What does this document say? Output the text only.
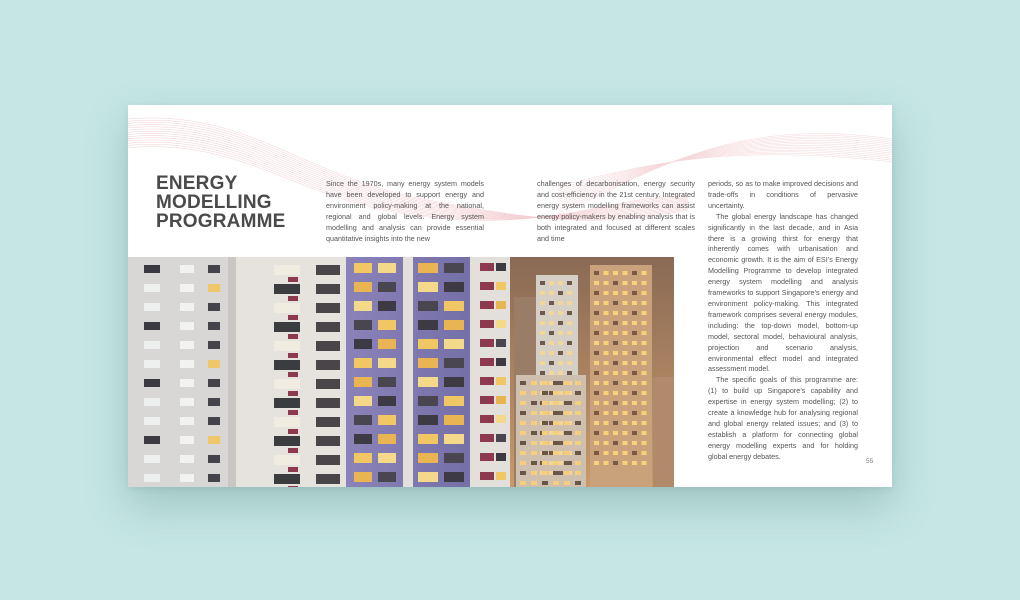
ENERGY
MODELLING
PROGRAMME

Since the 1970s, many energy system models have been developed to support energy and environment policy-making at the national, regional and global levels. Energy system modelling and analysis can provide essential quantitative insights into the new

challenges of decarbonisation, energy security and cost-efficiency in the 21st century. Integrated energy system modelling frameworks can assist energy policy-makers by enabling analysis that is both integrated and focused at different scales and time

periods, so as to make improved decisions and trade-offs in conditions of pervasive uncertainty.

The global energy landscape has changed significantly in the last decade, and in Asia there is a growing thirst for energy that inherently comes with urbanisation and economic growth. It is the aim of ESI’s Energy Modelling Programme to develop integrated energy system modelling and analysis frameworks to support Singapore’s energy and environment policy-making. This integrated framework comprises several energy modules, including: the top-down model, bottom-up model, sectoral model, behavioural analysis, projection and scenario analysis, environmental effect model and integrated assessment model.

The specific goals of this programme are: (1) to build up Singapore’s capability and expertise in energy system modelling; (2) to create a knowledge hub for analysing regional and global energy related issues; and (3) to establish a platform for connecting global energy modelling experts and for holding global energy debates.

55
